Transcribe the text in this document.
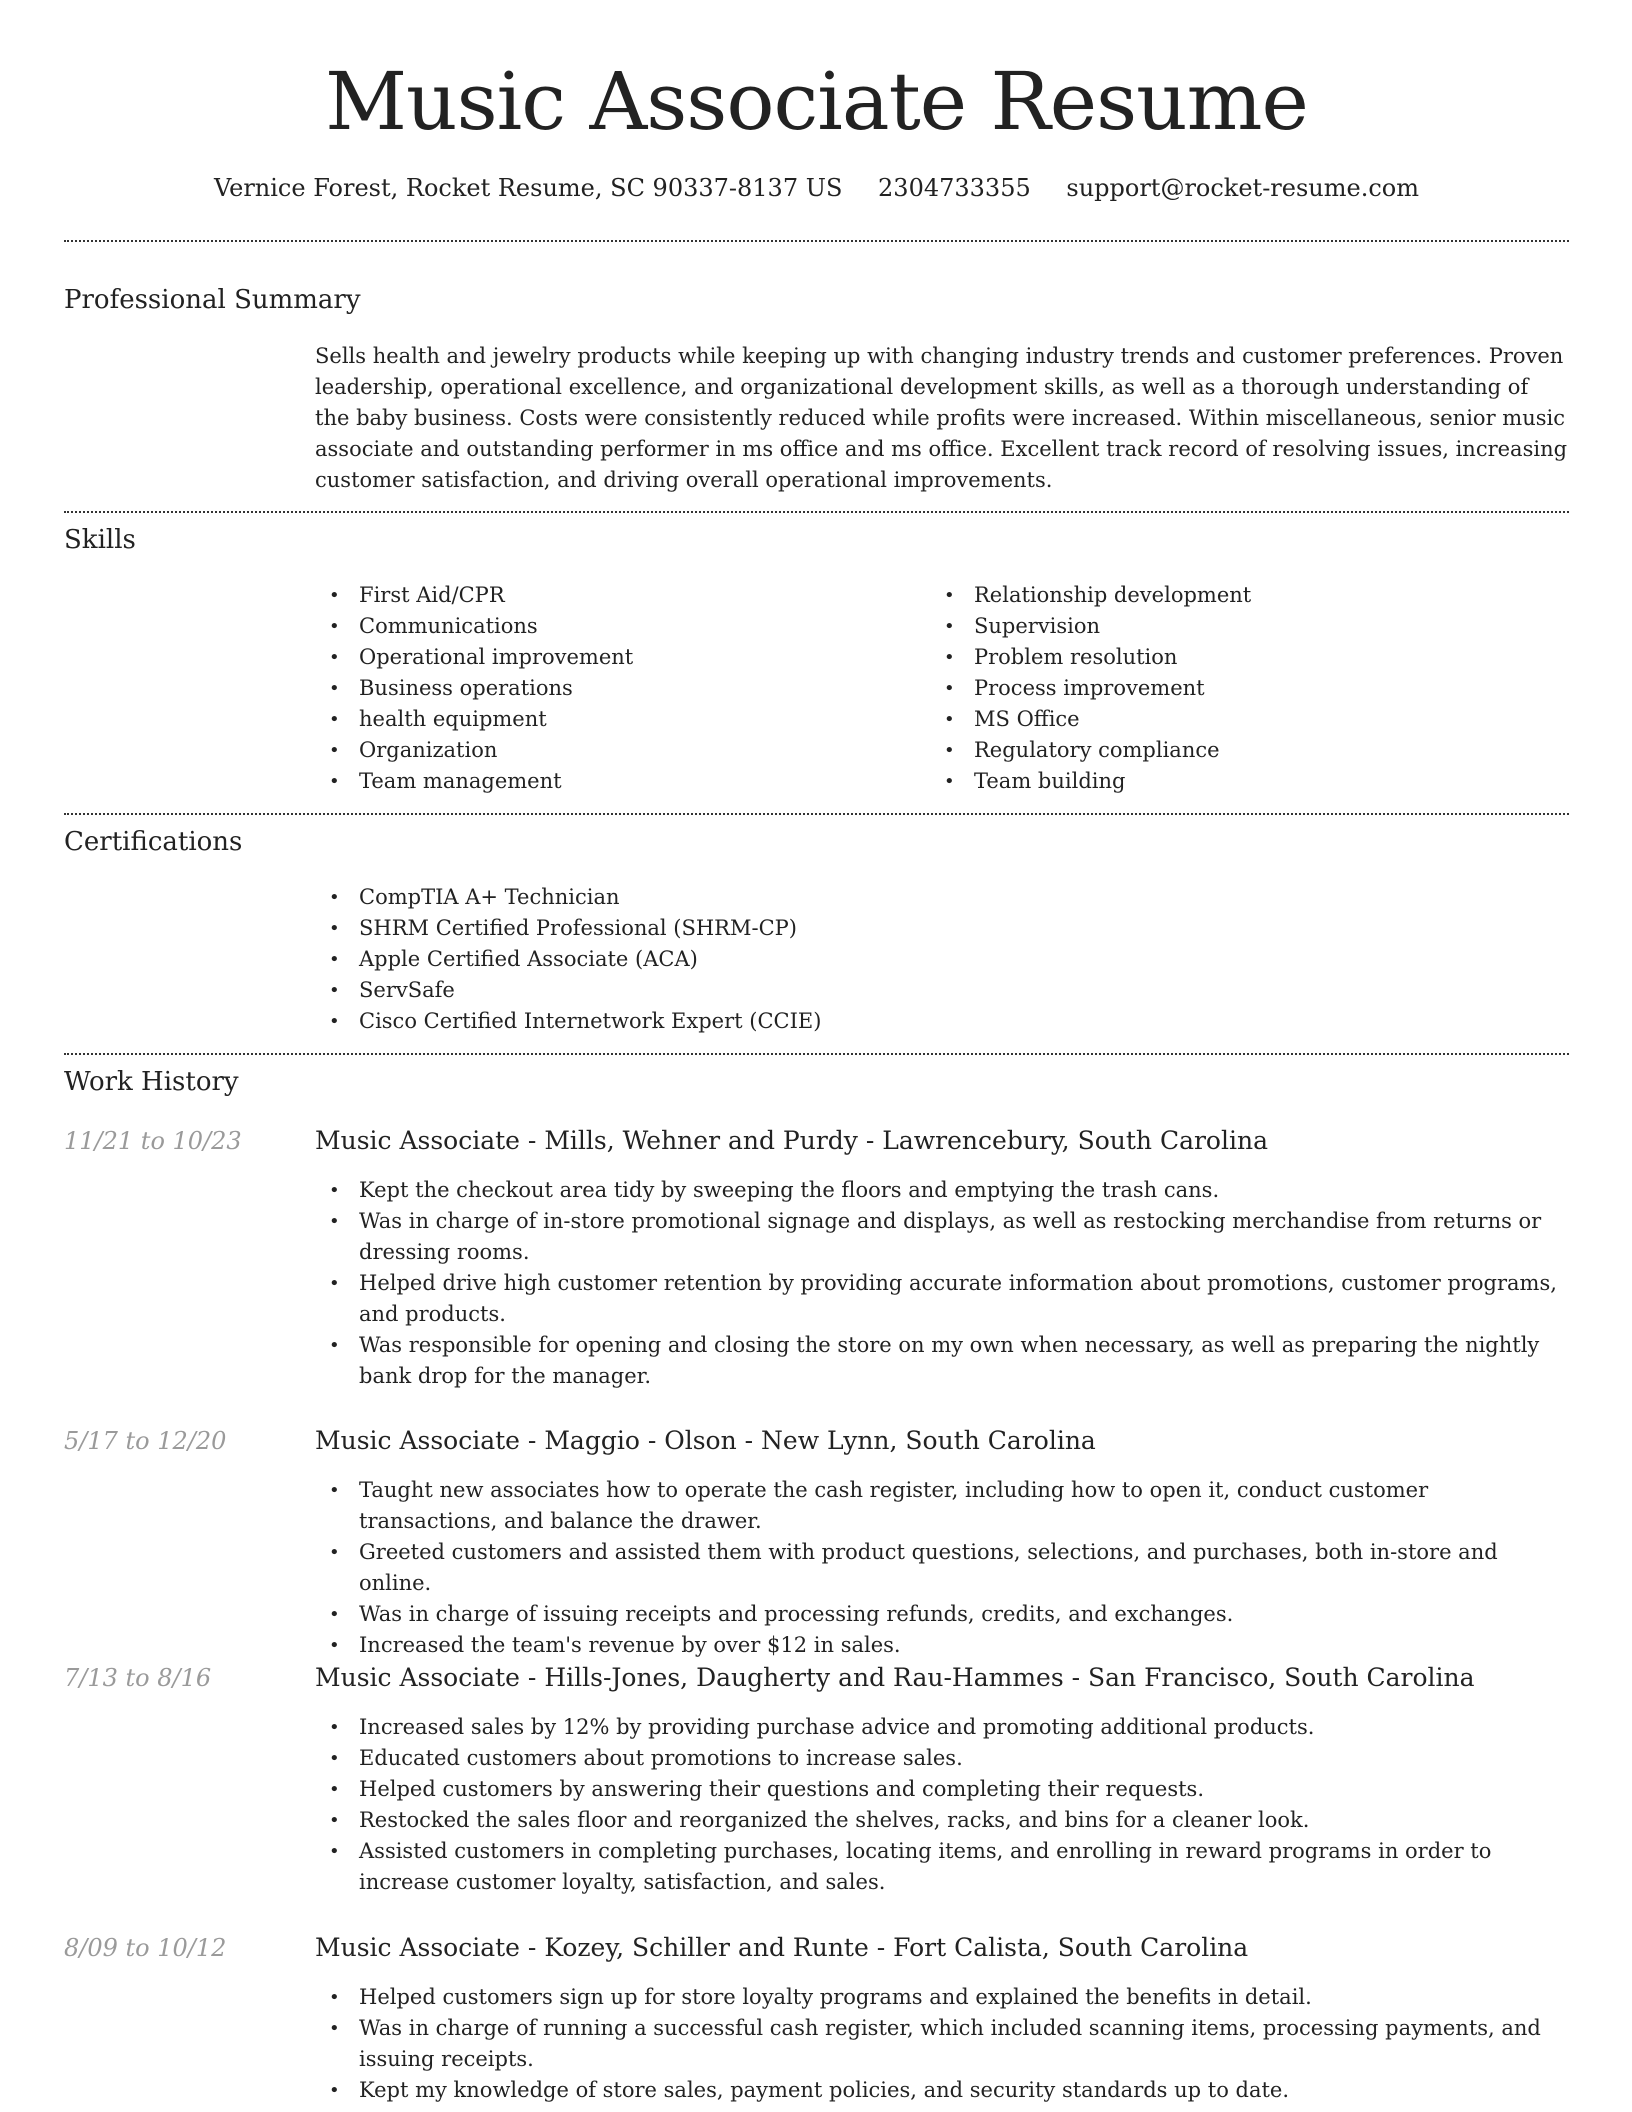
Music Associate Resume
Vernice Forest, Rocket Resume, SC 90337-8137 US 2304733355 support@rocket-resume.com
Professional Summary
Sells health and jewelry products while keeping up with changing industry trends and customer preferences. Proven leadership, operational excellence, and organizational development skills, as well as a thorough understanding of the baby business. Costs were consistently reduced while profits were increased. Within miscellaneous, senior music associate and outstanding performer in ms office and ms office. Excellent track record of resolving issues, increasing customer satisfaction, and driving overall operational improvements.
Skills
• First Aid/CPR
• Communications
• Operational improvement
• Business operations
• health equipment
• Organization
• Team management
• Relationship development
• Supervision
• Problem resolution
• Process improvement
• MS Office
• Regulatory compliance
• Team building
Certifications
• CompTIA A+ Technician
• SHRM Certified Professional (SHRM-CP)
• Apple Certified Associate (ACA)
• ServSafe
• Cisco Certified Internetwork Expert (CCIE)
Work History
11/21 to 10/23	Music Associate - Mills, Wehner and Purdy - Lawrencebury, South Carolina
• Kept the checkout area tidy by sweeping the floors and emptying the trash cans.
• Was in charge of in-store promotional signage and displays, as well as restocking merchandise from returns or dressing rooms.
• Helped drive high customer retention by providing accurate information about promotions, customer programs, and products.
• Was responsible for opening and closing the store on my own when necessary, as well as preparing the nightly bank drop for the manager.
5/17 to 12/20	Music Associate - Maggio - Olson - New Lynn, South Carolina
• Taught new associates how to operate the cash register, including how to open it, conduct customer transactions, and balance the drawer.
• Greeted customers and assisted them with product questions, selections, and purchases, both in-store and online.
• Was in charge of issuing receipts and processing refunds, credits, and exchanges.
• Increased the team's revenue by over $12 in sales.
7/13 to 8/16	Music Associate - Hills-Jones, Daugherty and Rau-Hammes - San Francisco, South Carolina
• Increased sales by 12% by providing purchase advice and promoting additional products.
• Educated customers about promotions to increase sales.
• Helped customers by answering their questions and completing their requests.
• Restocked the sales floor and reorganized the shelves, racks, and bins for a cleaner look.
• Assisted customers in completing purchases, locating items, and enrolling in reward programs in order to increase customer loyalty, satisfaction, and sales.
8/09 to 10/12	Music Associate - Kozey, Schiller and Runte - Fort Calista, South Carolina
• Helped customers sign up for store loyalty programs and explained the benefits in detail.
• Was in charge of running a successful cash register, which included scanning items, processing payments, and issuing receipts.
• Kept my knowledge of store sales, payment policies, and security standards up to date.
